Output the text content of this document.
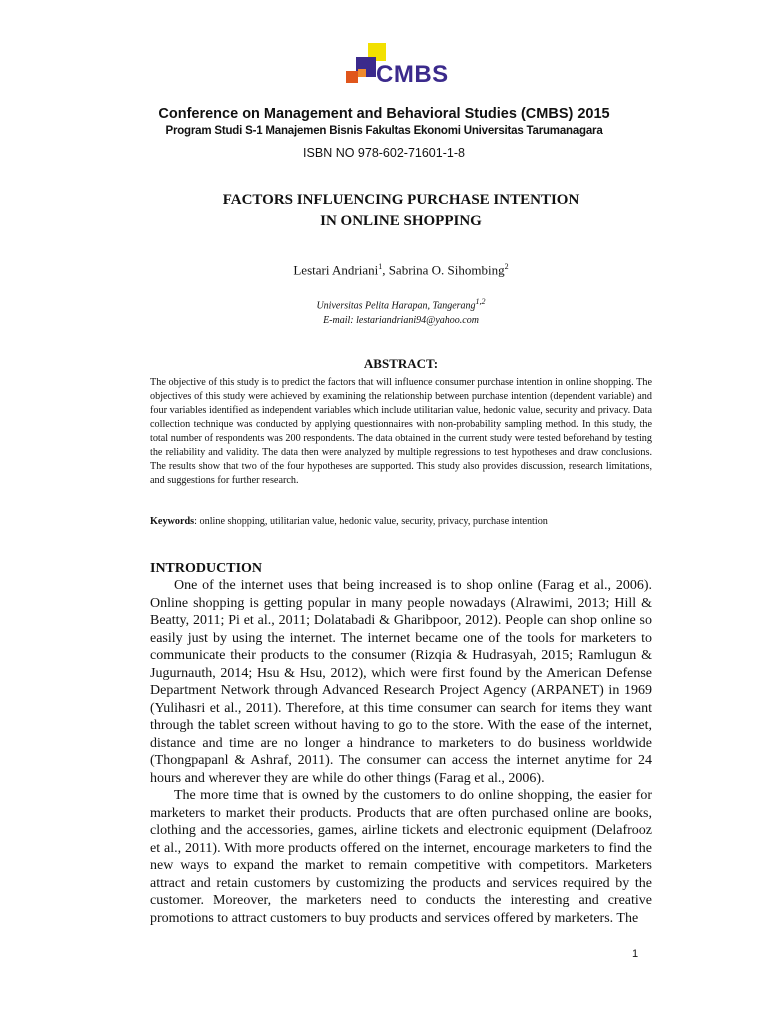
CMBS
Conference on Management and Behavioral Studies (CMBS) 2015
Program Studi S-1 Manajemen Bisnis Fakultas Ekonomi Universitas Tarumanagara
ISBN NO 978-602-71601-1-8
FACTORS INFLUENCING PURCHASE INTENTION
IN ONLINE SHOPPING
Lestari Andriani$^1$, Sabrina O. Sihombing$^2$
Universitas Pelita Harapan, Tangerang$^{1,2}$
E-mail: lestariandriani94@yahoo.com
ABSTRACT:
The objective of this study is to predict the factors that will influence consumer purchase intention in online shopping. The objectives of this study were achieved by examining the relationship between purchase intention (dependent variable) and four variables identified as independent variables which include utilitarian value, hedonic value, security and privacy. Data collection technique was conducted by applying questionnaires with non-probability sampling method. In this study, the total number of respondents was 200 respondents. The data obtained in the current study were tested beforehand by testing the reliability and validity. The data then were analyzed by multiple regressions to test hypotheses and draw conclusions. The results show that two of the four hypotheses are supported. This study also provides discussion, research limitations, and suggestions for further research.
Keywords: online shopping, utilitarian value, hedonic value, security, privacy, purchase intention
INTRODUCTION

One of the internet uses that being increased is to shop online (Farag et al., 2006). Online shopping is getting popular in many people nowadays (Alrawimi, 2013; Hill & Beatty, 2011; Pi et al., 2011; Dolatabadi & Gharibpoor, 2012). People can shop online so easily just by using the internet. The internet became one of the tools for marketers to communicate their products to the consumer (Rizqia & Hudrasyah, 2015; Ramlugun & Jugurnauth, 2014; Hsu & Hsu, 2012), which were first found by the American Defense Department Network through Advanced Research Project Agency (ARPANET) in 1969 (Yulihasri et al., 2011). Therefore, at this time consumer can search for items they want through the tablet screen without having to go to the store. With the ease of the internet, distance and time are no longer a hindrance to marketers to do business worldwide (Thongpapanl & Ashraf, 2011). The consumer can access the internet anytime for 24 hours and wherever they are while do other things (Farag et al., 2006).

The more time that is owned by the customers to do online shopping, the easier for marketers to market their products. Products that are often purchased online are books, clothing and the accessories, games, airline tickets and electronic equipment (Delafrooz et al., 2011). With more products offered on the internet, encourage marketers to find the new ways to expand the market to remain competitive with competitors. Marketers attract and retain customers by customizing the products and services required by the customer. Moreover, the marketers need to conducts the interesting and creative promotions to attract customers to buy products and services offered by marketers. The

1
